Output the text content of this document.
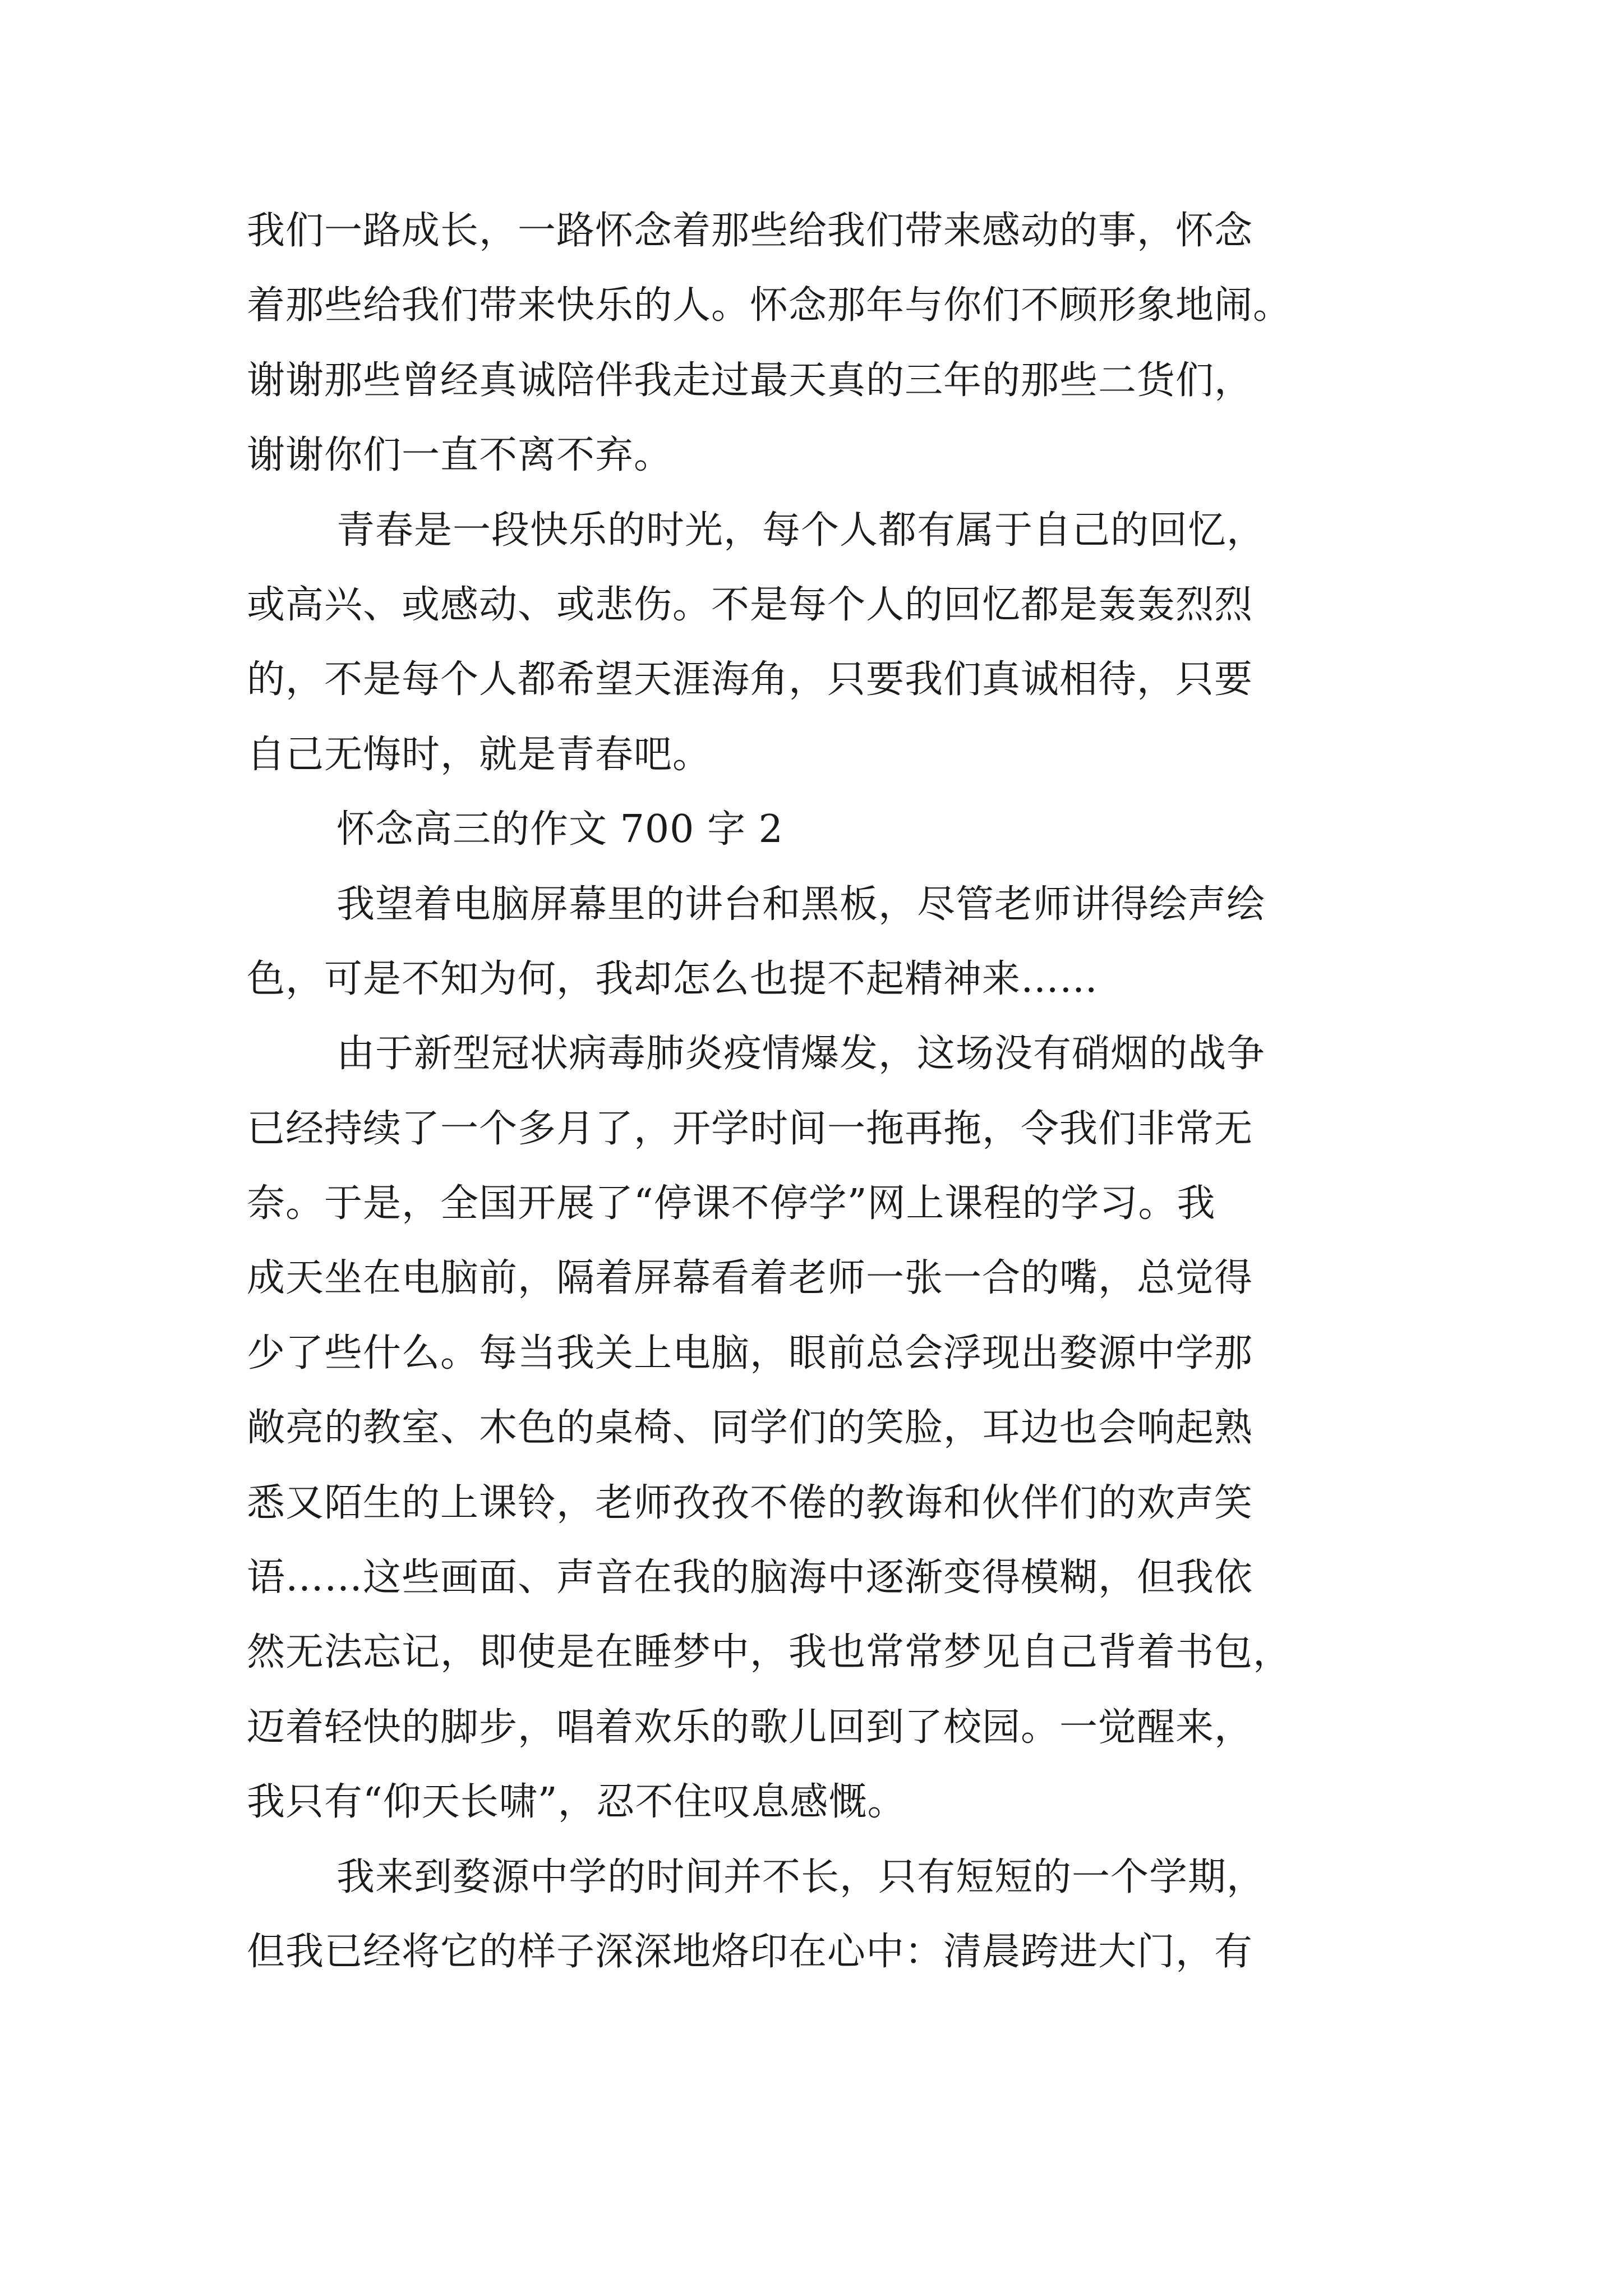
我们一路成长，一路怀念着那些给我们带来感动的事，怀念
着那些给我们带来快乐的人。怀念那年与你们不顾形象地闹。
谢谢那些曾经真诚陪伴我走过最天真的三年的那些二货们，
谢谢你们一直不离不弃。
青春是一段快乐的时光，每个人都有属于自己的回忆，
或高兴、或感动、或悲伤。不是每个人的回忆都是轰轰烈烈
的，不是每个人都希望天涯海角，只要我们真诚相待，只要
自己无悔时，就是青春吧。
怀念高三的作文 700 字 2
我望着电脑屏幕里的讲台和黑板，尽管老师讲得绘声绘
色，可是不知为何，我却怎么也提不起精神来……
由于新型冠状病毒肺炎疫情爆发，这场没有硝烟的战争
已经持续了一个多月了，开学时间一拖再拖，令我们非常无
奈。于是，全国开展了“停课不停学”网上课程的学习。我
成天坐在电脑前，隔着屏幕看着老师一张一合的嘴，总觉得
少了些什么。每当我关上电脑，眼前总会浮现出婺源中学那
敞亮的教室、木色的桌椅、同学们的笑脸，耳边也会响起熟
悉又陌生的上课铃，老师孜孜不倦的教诲和伙伴们的欢声笑
语……这些画面、声音在我的脑海中逐渐变得模糊，但我依
然无法忘记，即使是在睡梦中，我也常常梦见自己背着书包，
迈着轻快的脚步，唱着欢乐的歌儿回到了校园。一觉醒来，
我只有“仰天长啸”，忍不住叹息感慨。
我来到婺源中学的时间并不长，只有短短的一个学期，
但我已经将它的样子深深地烙印在心中：清晨跨进大门，有
